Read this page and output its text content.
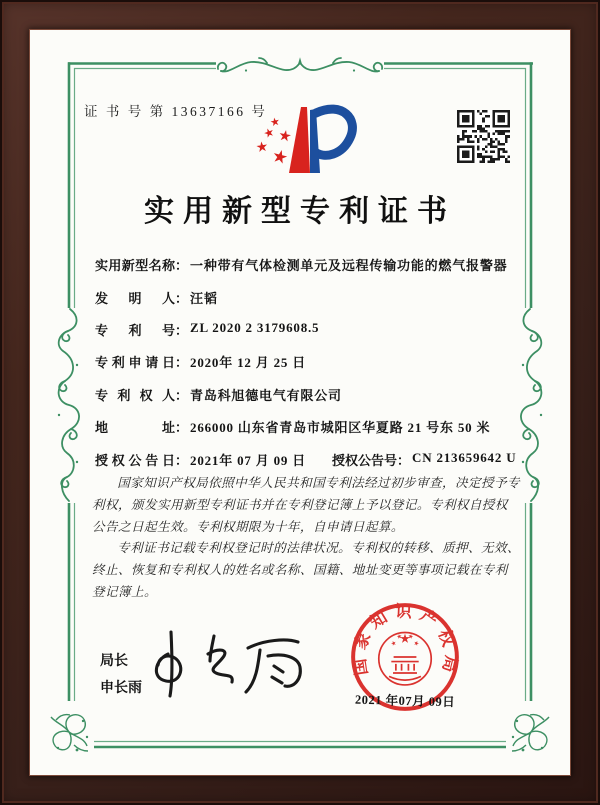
证 书 号 第 13637166 号
实用新型专利证书
实用新型名称： 一种带有气体检测单元及远程传输功能的燃气报警器
发明人： 汪韬
专利号： ZL 2020 2 3179608.5
专利申请日： 2020年 12 月 25 日
专利权人： 青岛科旭德电气有限公司
地址： 266000 山东省青岛市城阳区华夏路 21 号东 50 米
授权公告日： 2021年 07 月 09 日 授权公告号： CN 213659642 U

国家知识产权局依照中华人民共和国专利法经过初步审查，决定授予专利权，颁发实用新型专利证书并在专利登记簿上予以登记。专利权自授权公告之日起生效。专利权期限为十年，自申请日起算。

专利证书记载专利权登记时的法律状况。专利权的转移、质押、无效、终止、恢复和专利权人的姓名或名称、国籍、地址变更等事项记载在专利登记簿上。

局长
申长雨
国家知识产权局
2021 年07月 09日
